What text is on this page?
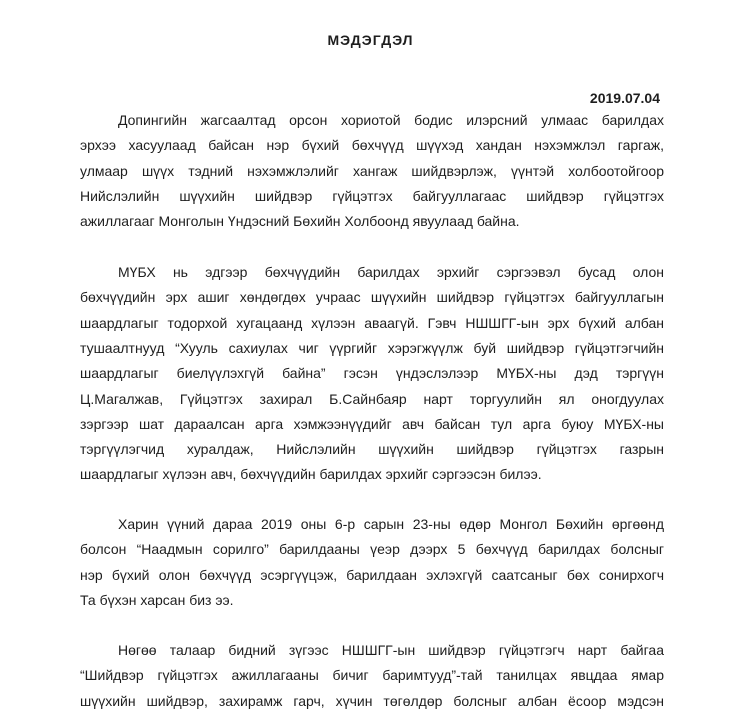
МЭДЭГДЭЛ
2019.07.04
Допингийн жагсаалтад орсон хориотой бодис илэрсний улмаас барилдах
эрхээ хасуулаад байсан нэр бүхий бөхчүүд шүүхэд хандан нэхэмжлэл гаргаж,
улмаар шүүх тэдний нэхэмжлэлийг хангаж шийдвэрлэж, үүнтэй холбоотойгоор
Нийслэлийн шүүхийн шийдвэр гүйцэтгэх байгууллагаас шийдвэр гүйцэтгэх
ажиллагааг Монголын Үндэсний Бөхийн Холбоонд явуулаад байна.
МҮБХ нь эдгээр бөхчүүдийн барилдах эрхийг сэргээвэл бусад олон
бөхчүүдийн эрх ашиг хөндөгдөх учраас шүүхийн шийдвэр гүйцэтгэх байгууллагын
шаардлагыг тодорхой хугацаанд хүлээн аваагүй. Гэвч НШШГГ-ын эрх бүхий албан
тушаалтнууд “Хууль сахиулах чиг үүргийг хэрэгжүүлж буй шийдвэр гүйцэтгэгчийн
шаардлагыг биелүүлэхгүй байна” гэсэн үндэслэлээр МҮБХ-ны дэд тэргүүн
Ц.Магалжав, Гүйцэтгэх захирал Б.Сайнбаяр нарт торгуулийн ял оногдуулах
зэргээр шат дараалсан арга хэмжээнүүдийг авч байсан тул арга буюу МҮБХ-ны
тэргүүлэгчид хуралдаж, Нийслэлийн шүүхийн шийдвэр гүйцэтгэх газрын
шаардлагыг хүлээн авч, бөхчүүдийн барилдах эрхийг сэргээсэн билээ.
Харин үүний дараа 2019 оны 6-р сарын 23-ны өдөр Монгол Бөхийн өргөөнд
болсон “Наадмын сорилго” барилдааны үеэр дээрх 5 бөхчүүд барилдах болсныг
нэр бүхий олон бөхчүүд эсэргүүцэж, барилдаан эхлэхгүй саатсаныг бөх сонирхогч
Та бүхэн харсан биз ээ.
Нөгөө талаар бидний зүгээс НШШГГ-ын шийдвэр гүйцэтгэгч нарт байгаа
“Шийдвэр гүйцэтгэх ажиллагааны бичиг баримтууд”-тай танилцах явцдаа ямар
шүүхийн шийдвэр, захирамж гарч, хүчин төгөлдөр болсныг албан ёсоор мэдсэн
